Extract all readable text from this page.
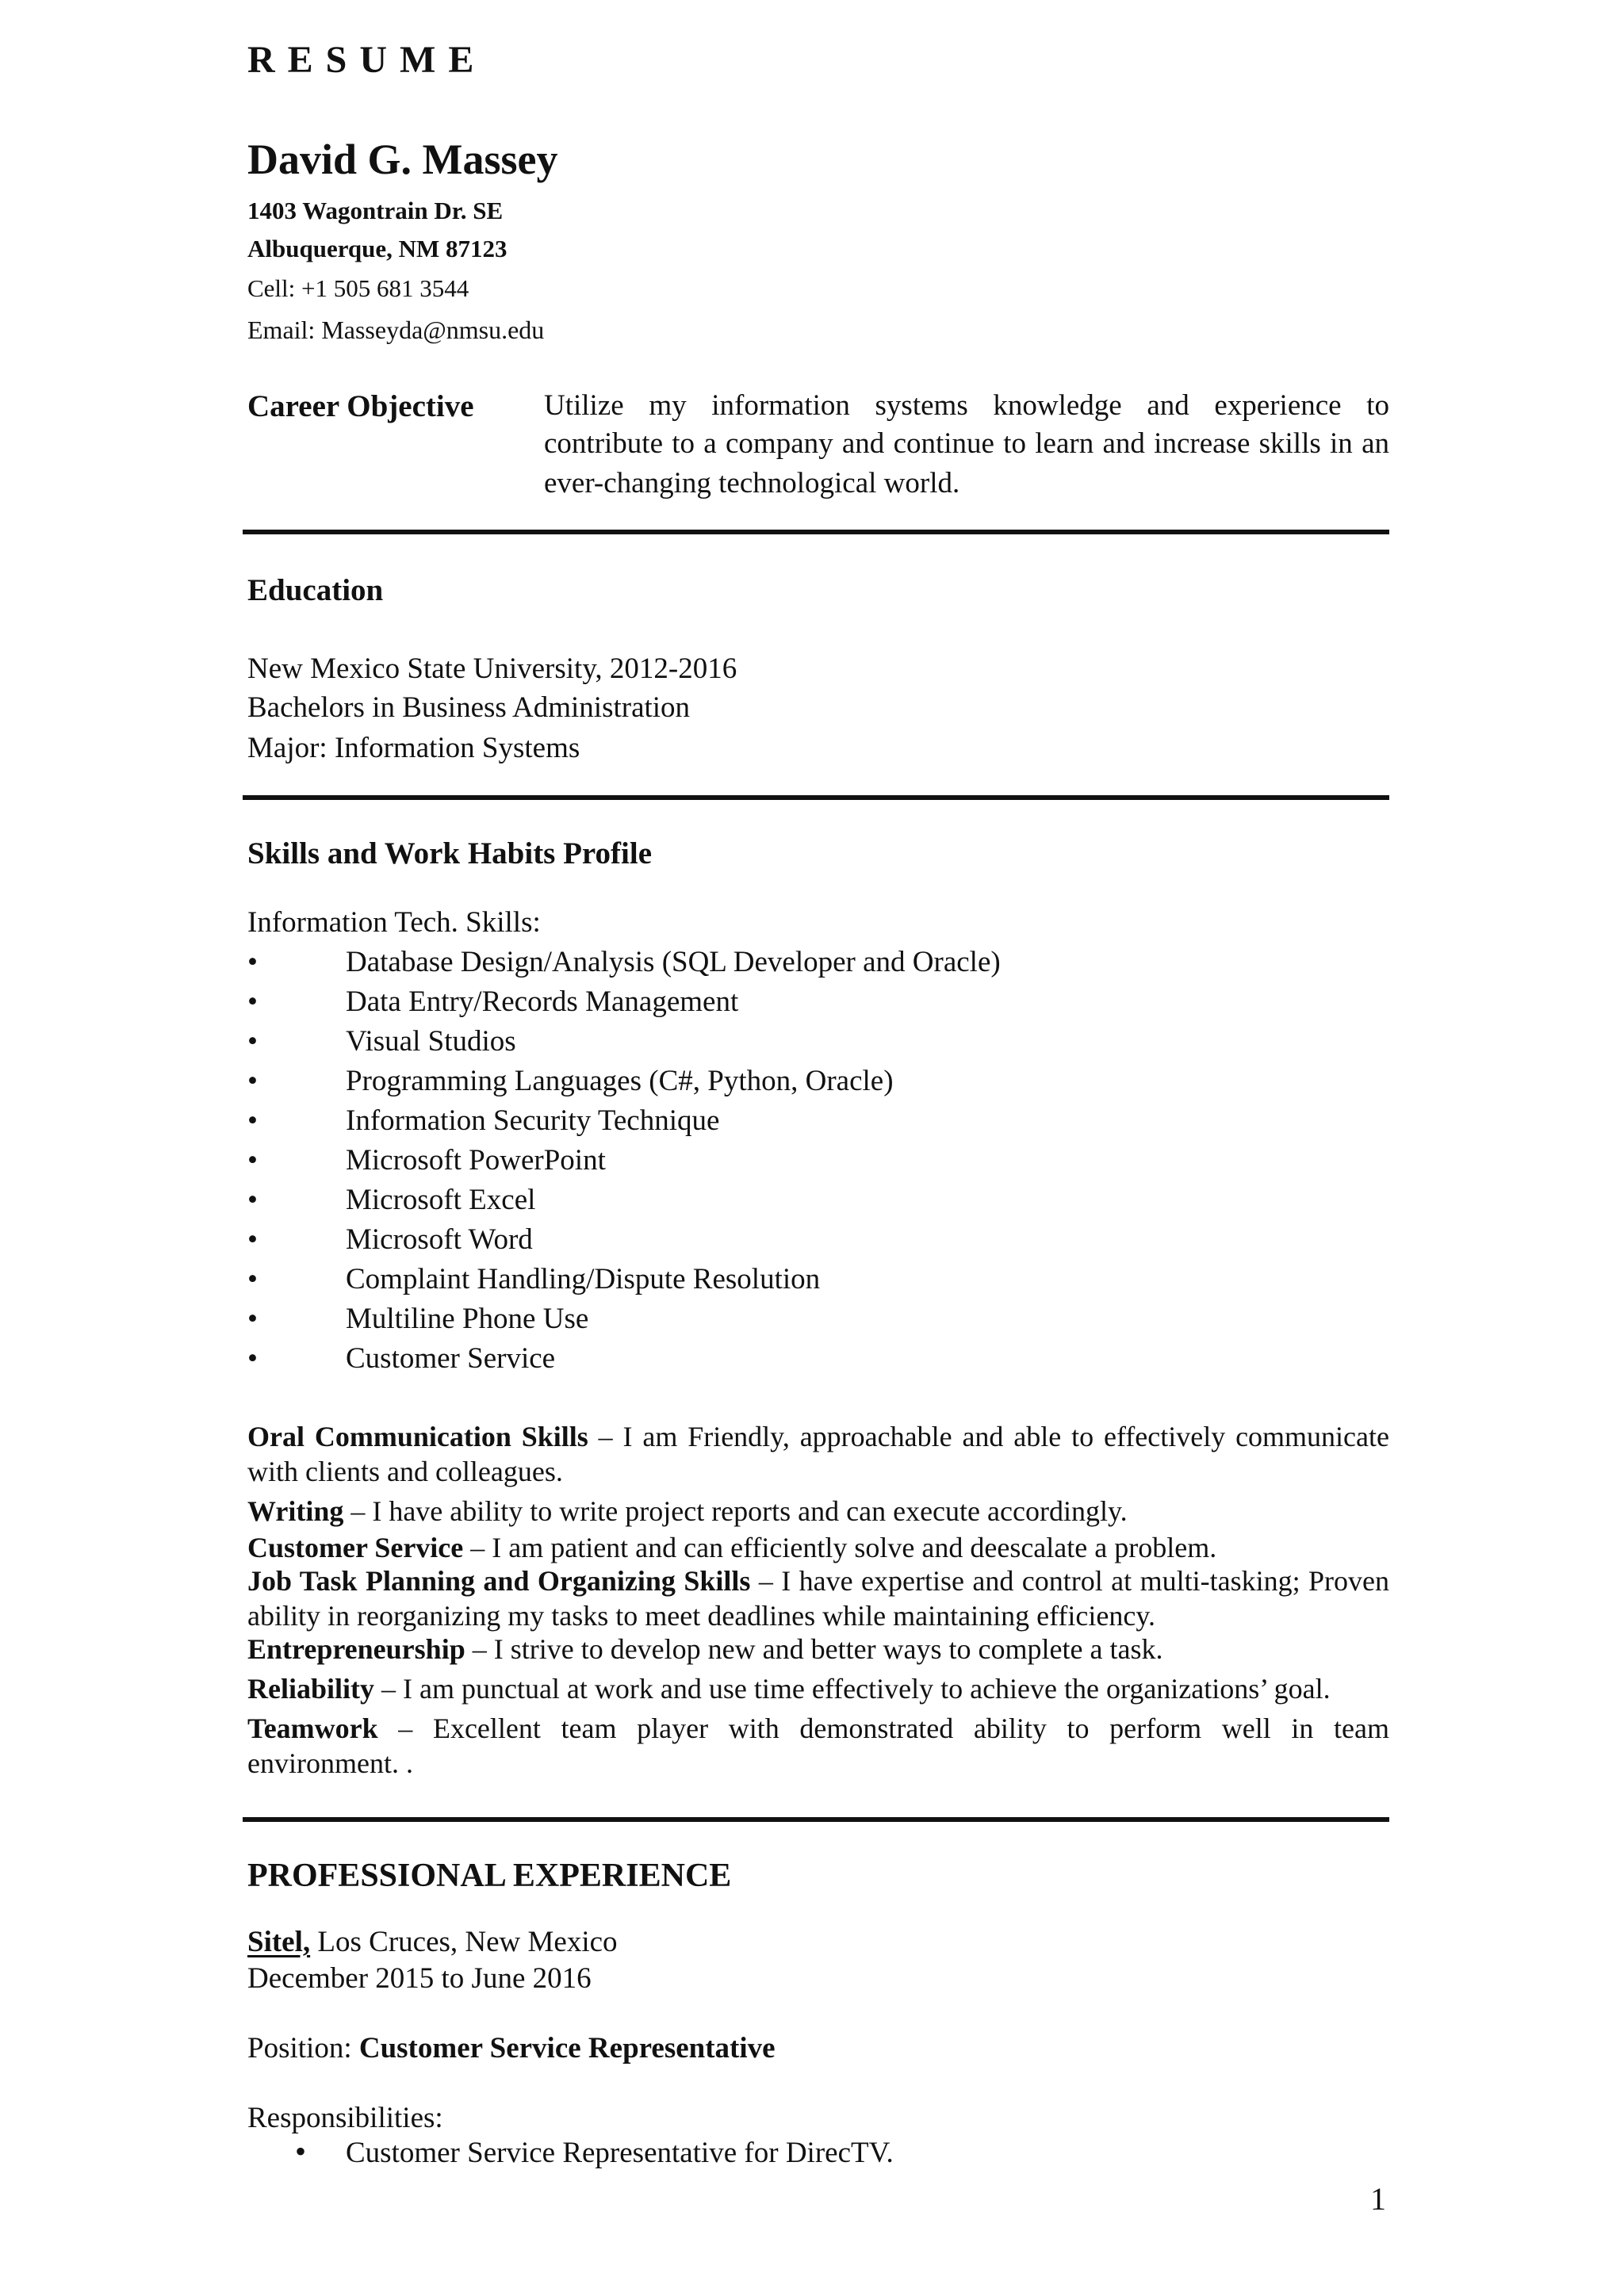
R E S U M E
David G. Massey
1403 Wagontrain Dr. SE
Albuquerque, NM 87123
Cell: +1 505 681 3544
Email: Masseyda@nmsu.edu
Career Objective Utilize my information systems knowledge and experience to
contribute to a company and continue to learn and increase skills in an
ever-changing technological world.
Education
New Mexico State University, 2012-2016
Bachelors in Business Administration
Major: Information Systems
Skills and Work Habits Profile
Information Tech. Skills:
•	Database Design/Analysis (SQL Developer and Oracle)
•	Data Entry/Records Management
•	Visual Studios
•	Programming Languages (C#, Python, Oracle)
•	Information Security Technique
•	Microsoft PowerPoint
•	Microsoft Excel
•	Microsoft Word
•	Complaint Handling/Dispute Resolution
•	Multiline Phone Use
•	Customer Service
Oral Communication Skills – I am Friendly, approachable and able to effectively communicate with clients and colleagues.
Writing – I have ability to write project reports and can execute accordingly.
Customer Service – I am patient and can efficiently solve and deescalate a problem.
Job Task Planning and Organizing Skills – I have expertise and control at multi-tasking; Proven ability in reorganizing my tasks to meet deadlines while maintaining efficiency.
Entrepreneurship – I strive to develop new and better ways to complete a task.
Reliability – I am punctual at work and use time effectively to achieve the organizations’ goal.
Teamwork – Excellent team player with demonstrated ability to perform well in team environment. .
PROFESSIONAL EXPERIENCE
Sitel, Los Cruces, New Mexico
December 2015 to June 2016
Position: Customer Service Representative
Responsibilities:
• Customer Service Representative for DirecTV.
1
